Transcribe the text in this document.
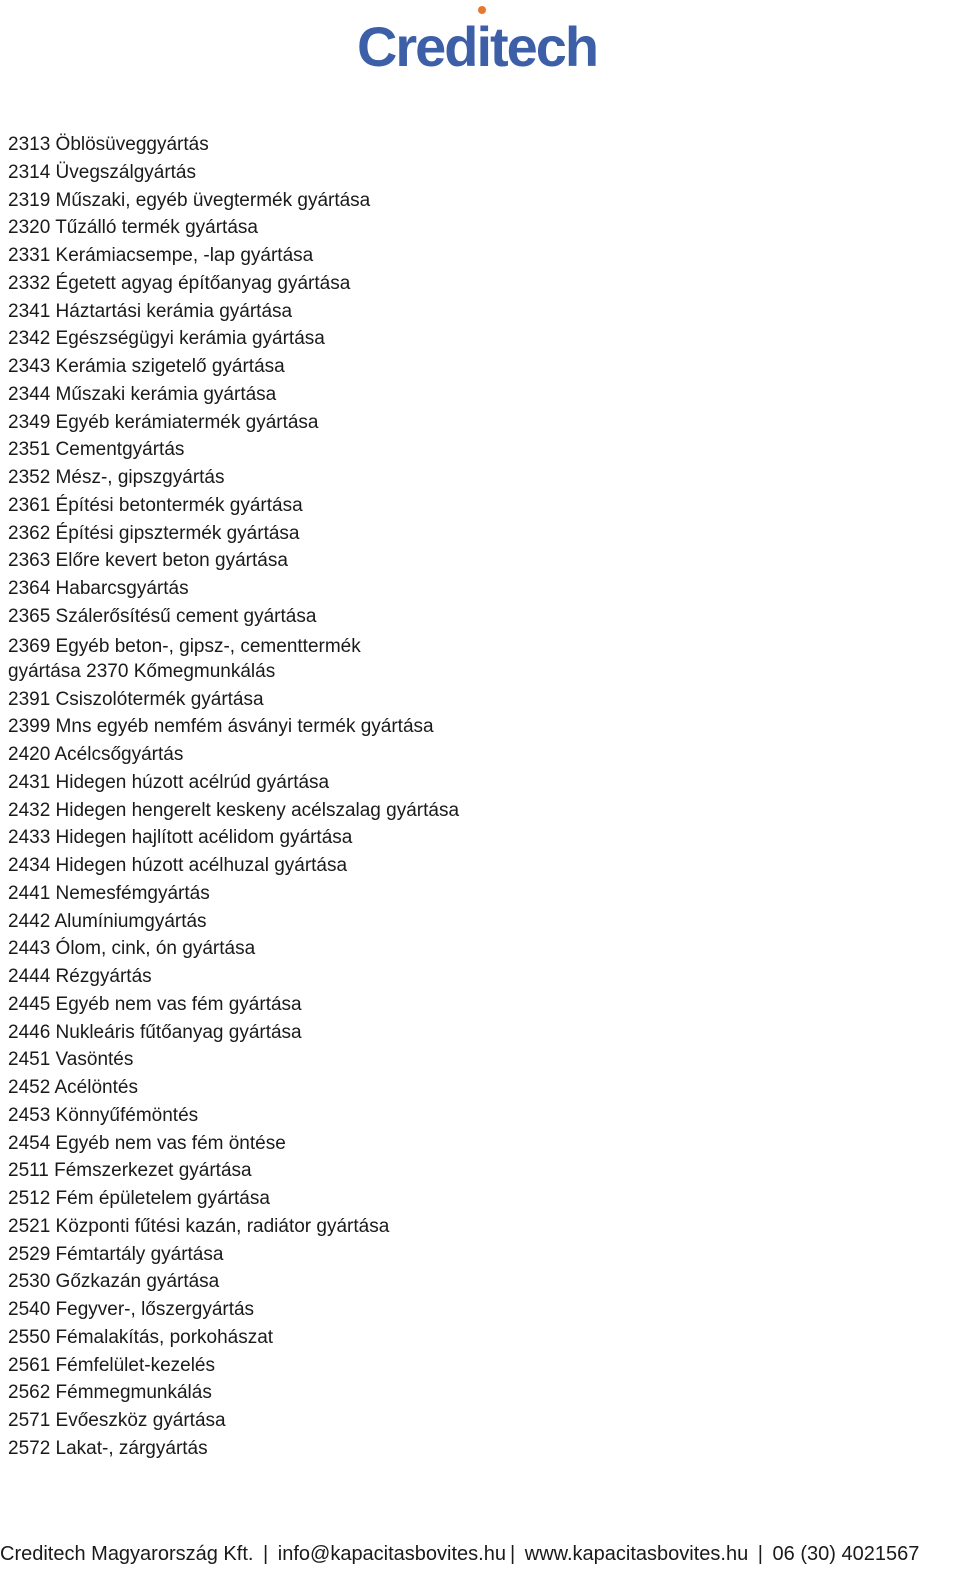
Creditech
2313 Öblösüveggyártás
2314 Üvegszálgyártás
2319 Műszaki, egyéb üvegtermék gyártása
2320 Tűzálló termék gyártása
2331 Kerámiacsempe, -lap gyártása
2332 Égetett agyag építőanyag gyártása
2341 Háztartási kerámia gyártása
2342 Egészségügyi kerámia gyártása
2343 Kerámia szigetelő gyártása
2344 Műszaki kerámia gyártása
2349 Egyéb kerámiatermék gyártása
2351 Cementgyártás
2352 Mész-, gipszgyártás
2361 Építési betontermék gyártása
2362 Építési gipsztermék gyártása
2363 Előre kevert beton gyártása
2364 Habarcsgyártás
2365 Szálerősítésű cement gyártása
2369 Egyéb beton-, gipsz-, cementtermék gyártása 2370 Kőmegmunkálás
2391 Csiszolótermék gyártása
2399 Mns egyéb nemfém ásványi termék gyártása
2420 Acélcsőgyártás
2431 Hidegen húzott acélrúd gyártása
2432 Hidegen hengerelt keskeny acélszalag gyártása
2433 Hidegen hajlított acélidom gyártása
2434 Hidegen húzott acélhuzal gyártása
2441 Nemesfémgyártás
2442 Alumíniumgyártás
2443 Ólom, cink, ón gyártása
2444 Rézgyártás
2445 Egyéb nem vas fém gyártása
2446 Nukleáris fűtőanyag gyártása
2451 Vasöntés
2452 Acélöntés
2453 Könnyűfémöntés
2454 Egyéb nem vas fém öntése
2511 Fémszerkezet gyártása
2512 Fém épületelem gyártása
2521 Központi fűtési kazán, radiátor gyártása
2529 Fémtartály gyártása
2530 Gőzkazán gyártása
2540 Fegyver-, lőszergyártás
2550 Fémalakítás, porkohászat
2561 Fémfelület-kezelés
2562 Fémmegmunkálás
2571 Evőeszköz gyártása
2572 Lakat-, zárgyártás
Creditech Magyarország Kft. | info@kapacitasbovites.hu | www.kapacitasbovites.hu | 06 (30) 4021567
